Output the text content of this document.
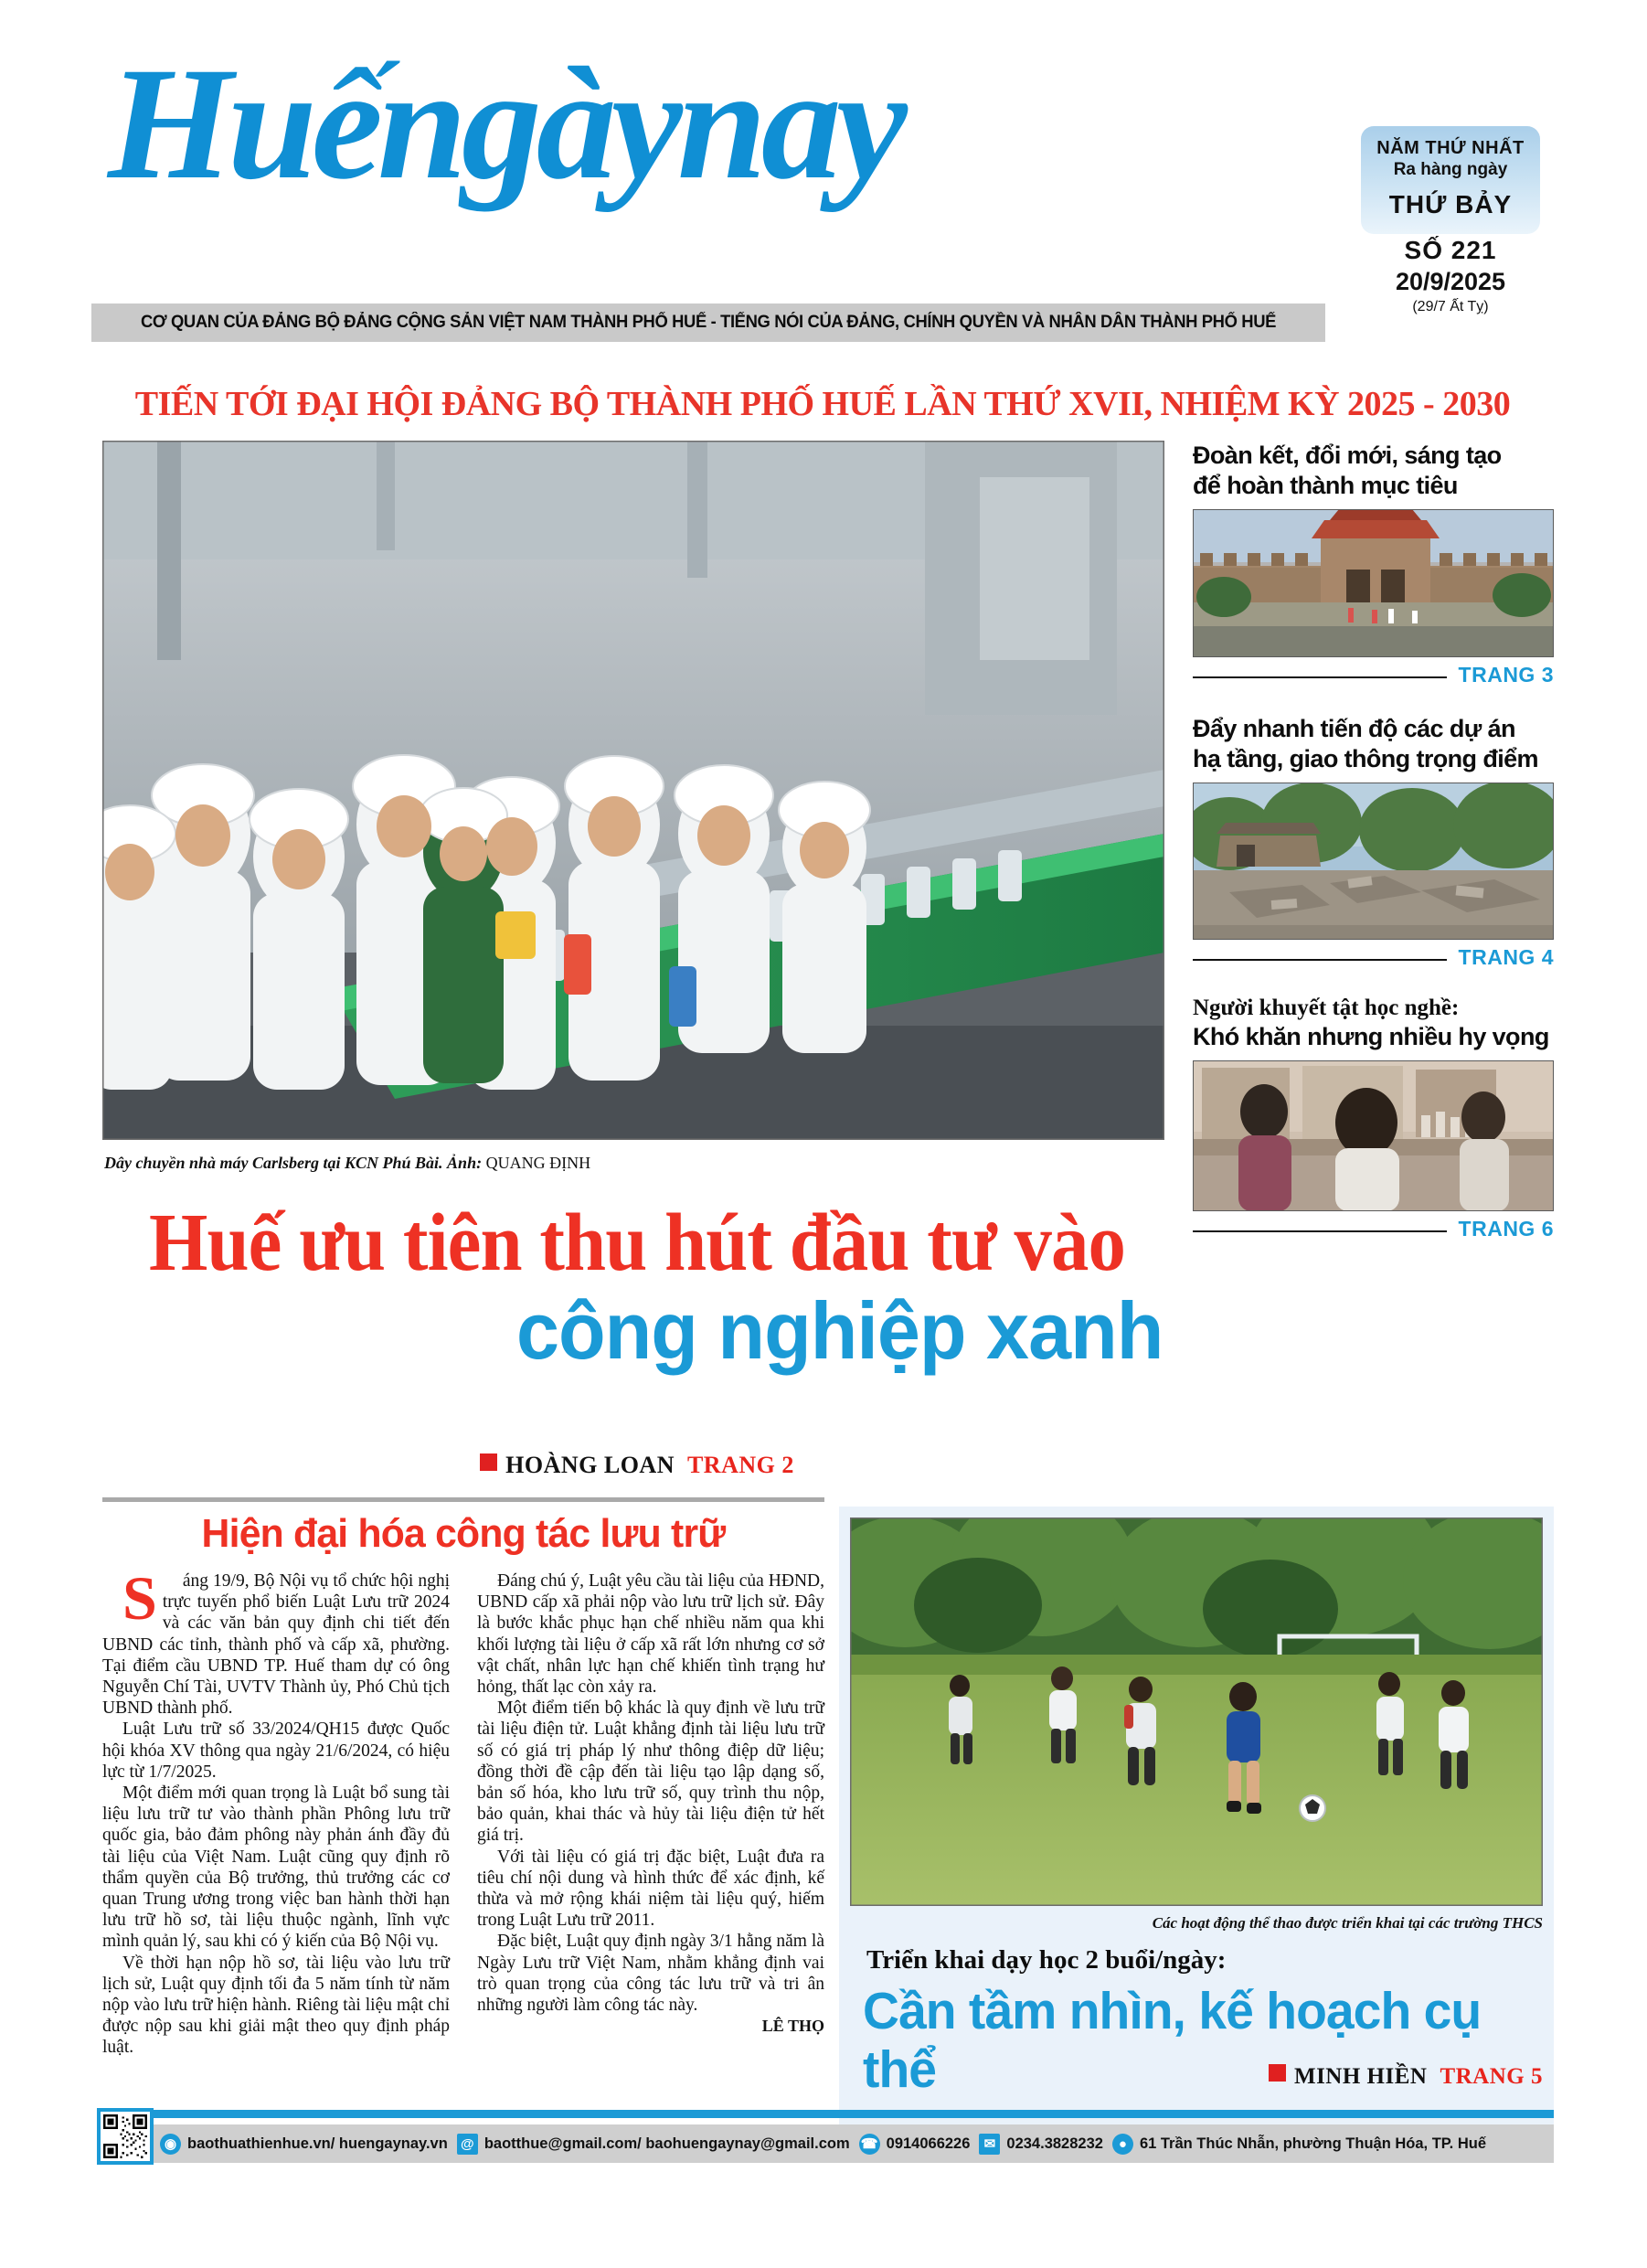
Huếngàynay	NĂM THỨ NHẤT
Ra hàng ngày
THỨ BẢY
SỐ 221
20/9/2025
(29/7 Ất Tỵ)
CƠ QUAN CỦA ĐẢNG BỘ ĐẢNG CỘNG SẢN VIỆT NAM THÀNH PHỐ HUẾ - TIẾNG NÓI CỦA ĐẢNG, CHÍNH QUYỀN VÀ NHÂN DÂN THÀNH PHỐ HUẾ
TIẾN TỚI ĐẠI HỘI ĐẢNG BỘ THÀNH PHỐ HUẾ LẦN THỨ XVII, NHIỆM KỲ 2025 - 2030
Dây chuyền nhà máy Carlsberg tại KCN Phú Bài. Ảnh: QUANG ĐỊNH
Huế ưu tiên thu hút đầu tư vào
công nghiệp xanh
HOÀNG LOAN TRANG 2
Đoàn kết, đổi mới, sáng tạo
để hoàn thành mục tiêu
TRANG 3
Đẩy nhanh tiến độ các dự án
hạ tầng, giao thông trọng điểm
TRANG 4
Người khuyết tật học nghề:
Khó khăn nhưng nhiều hy vọng
TRANG 6
Hiện đại hóa công tác lưu trữ

S áng 19/9, Bộ Nội vụ tổ chức hội nghị trực tuyến phổ biến Luật Lưu trữ 2024 và các văn bản quy định chi tiết đến UBND các tỉnh, thành phố và cấp xã, phường. Tại điểm cầu UBND TP. Huế tham dự có ông Nguyễn Chí Tài, UVTV Thành ủy, Phó Chủ tịch UBND thành phố.

Luật Lưu trữ số 33/2024/QH15 được Quốc hội khóa XV thông qua ngày 21/6/2024, có hiệu lực từ 1/7/2025.

Một điểm mới quan trọng là Luật bổ sung tài liệu lưu trữ tư vào thành phần Phông lưu trữ quốc gia, bảo đảm phông này phản ánh đầy đủ tài liệu của Việt Nam. Luật cũng quy định rõ thẩm quyền của Bộ trưởng, thủ trưởng các cơ quan Trung ương trong việc ban hành thời hạn lưu trữ hồ sơ, tài liệu thuộc ngành, lĩnh vực mình quản lý, sau khi có ý kiến của Bộ Nội vụ.

Về thời hạn nộp hồ sơ, tài liệu vào lưu trữ lịch sử, Luật quy định tối đa 5 năm tính từ năm nộp vào lưu trữ hiện hành. Riêng tài liệu mật chỉ được nộp sau khi giải mật theo quy định pháp luật.

Đáng chú ý, Luật yêu cầu tài liệu của HĐND, UBND cấp xã phải nộp vào lưu trữ lịch sử. Đây là bước khắc phục hạn chế nhiều năm qua khi khối lượng tài liệu ở cấp xã rất lớn nhưng cơ sở vật chất, nhân lực hạn chế khiến tình trạng hư hỏng, thất lạc còn xảy ra.

Một điểm tiến bộ khác là quy định về lưu trữ tài liệu điện tử. Luật khẳng định tài liệu lưu trữ số có giá trị pháp lý như thông điệp dữ liệu; đồng thời đề cập đến tài liệu tạo lập dạng số, bản số hóa, kho lưu trữ số, quy trình thu nộp, bảo quản, khai thác và hủy tài liệu điện tử hết giá trị.

Với tài liệu có giá trị đặc biệt, Luật đưa ra tiêu chí nội dung và hình thức để xác định, kế thừa và mở rộng khái niệm tài liệu quý, hiếm trong Luật Lưu trữ 2011.

Đặc biệt, Luật quy định ngày 3/1 hằng năm là Ngày Lưu trữ Việt Nam, nhằm khẳng định vai trò quan trọng của công tác lưu trữ và tri ân những người làm công tác này.

LÊ THỌ

Các hoạt động thể thao được triển khai tại các trường THCS
Triển khai dạy học 2 buổi/ngày:
Cần tầm nhìn, kế hoạch cụ thể	MINH HIỀN TRANG 5
◉ baothuathienhue.vn/ huengaynay.vn @ baotthue@gmail.com/ baohuengaynay@gmail.com ☎ 0914066226	✉ 0234.3828232	● 61 Trần Thúc Nhẫn, phường Thuận Hóa, TP. Huế
